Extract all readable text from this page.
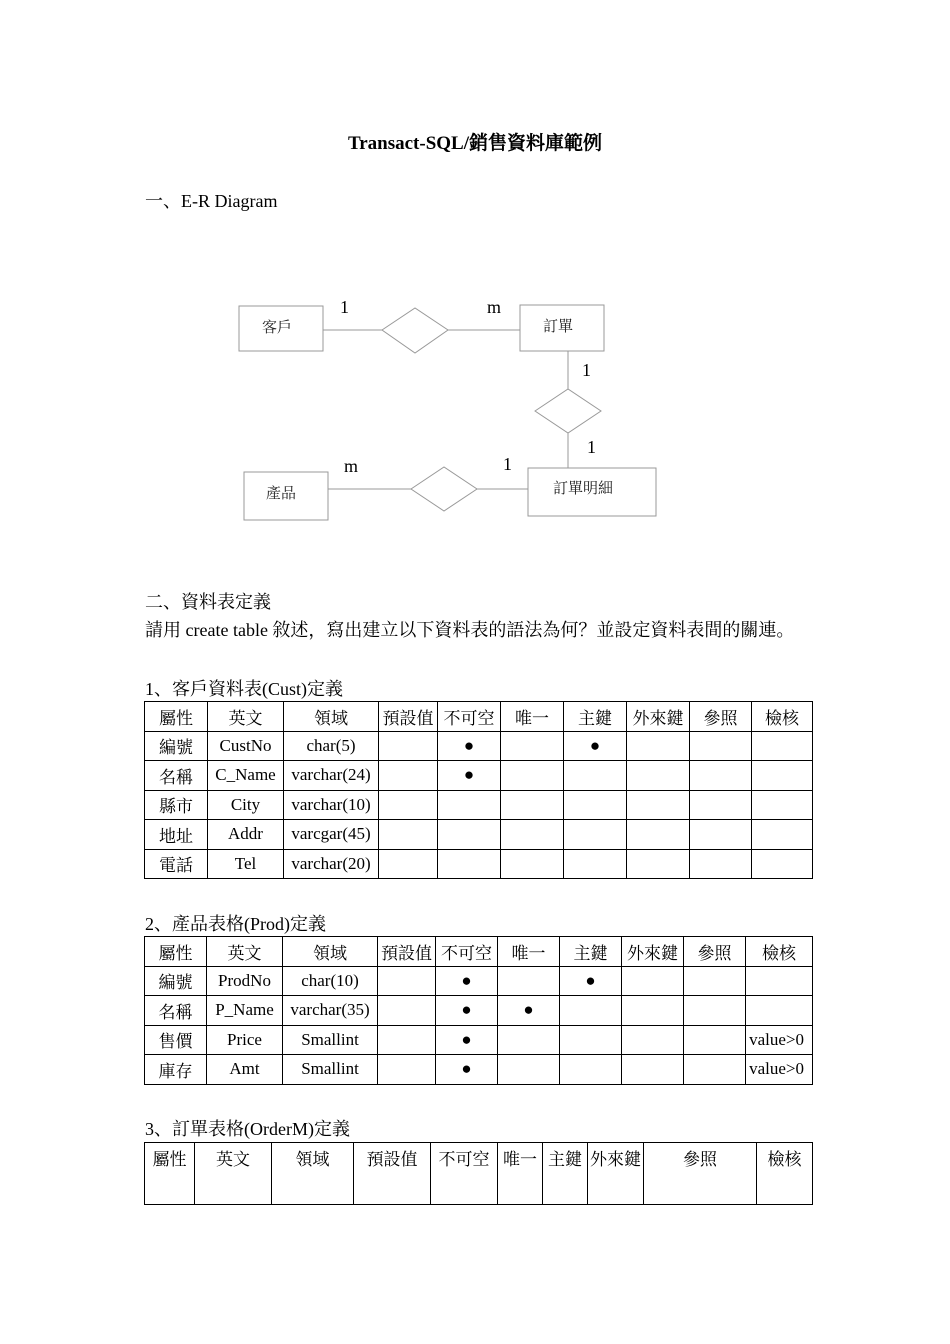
Transact-SQL/銷售資料庫範例
一、E-R Diagram
客戶	訂單
產品	訂單明細
1	m
1
1
m	1
二、資料表定義
請用 create table 敘述，寫出建立以下資料表的語法為何？並設定資料表間的關連。
1、客戶資料表(Cust)定義
屬性	英文	領域	預設值	不可空	唯一	主鍵	外來鍵	參照	檢核
編號	CustNo	char(5)		●		●			
名稱	C_Name	varchar(24)		●					
縣市	City	varchar(10)							
地址	Addr	varcgar(45)							
電話	Tel	varchar(20)							
2、產品表格(Prod)定義
屬性	英文	領域	預設值	不可空	唯一	主鍵	外來鍵	參照	檢核
編號	ProdNo	char(10)		●		●			
名稱	P_Name	varchar(35)		●	●				
售價	Price	Smallint		●					value>0
庫存	Amt	Smallint		●					value>0
3、訂單表格(OrderM)定義
屬性	英文	領域	預設值	不可空	唯一	主鍵	外來鍵	參照	檢核
